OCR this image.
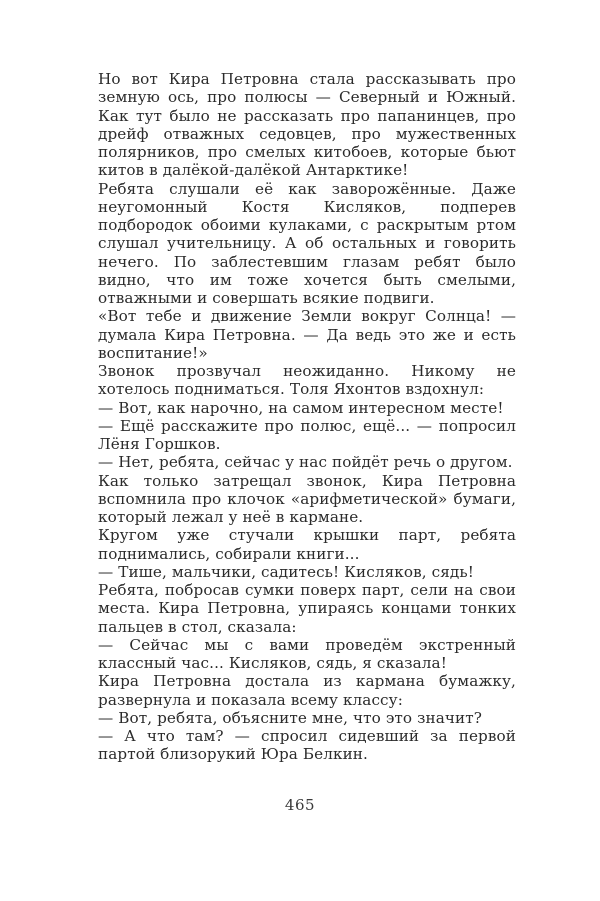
Но вот Кира Петровна стала рассказывать про земную ось, про полюсы — Северный и Южный. Как тут было не рассказать про папанинцев, про дрейф отважных седовцев, про мужественных полярников, про смелых китобоев, которые бьют китов в далёкой-далёкой Антарктике!

Ребята слушали её как заворожённые. Даже неугомонный Костя Кисляков, подперев подбородок обоими кулаками, с раскрытым ртом слушал учительницу. А об остальных и говорить нечего. По заблестевшим глазам ребят было видно, что им тоже хочется быть смелыми, отважными и совершать всякие подвиги.

«Вот тебе и движение Земли вокруг Солнца! — думала Кира Петровна. — Да ведь это же и есть воспитание!»

Звонок прозвучал неожиданно. Никому не хотелось подниматься. Толя Яхонтов вздохнул:

— Вот, как нарочно, на самом интересном месте!

— Ещё расскажите про полюс, ещё... — попросил Лёня Горшков.

— Нет, ребята, сейчас у нас пойдёт речь о другом.

Как только затрещал звонок, Кира Петровна вспомнила про клочок «арифметической» бумаги, который лежал у неё в кармане.

Кругом уже стучали крышки парт, ребята поднимались, собирали книги...

— Тише, мальчики, садитесь! Кисляков, сядь!

Ребята, побросав сумки поверх парт, сели на свои места. Кира Петровна, упираясь концами тонких пальцев в стол, сказала:

— Сейчас мы с вами проведём экстренный классный час... Кисляков, сядь, я сказала!

Кира Петровна достала из кармана бумажку, развернула и показала всему классу:

— Вот, ребята, объясните мне, что это значит?

— А что там? — спросил сидевший за первой партой близорукий Юра Белкин.

465
